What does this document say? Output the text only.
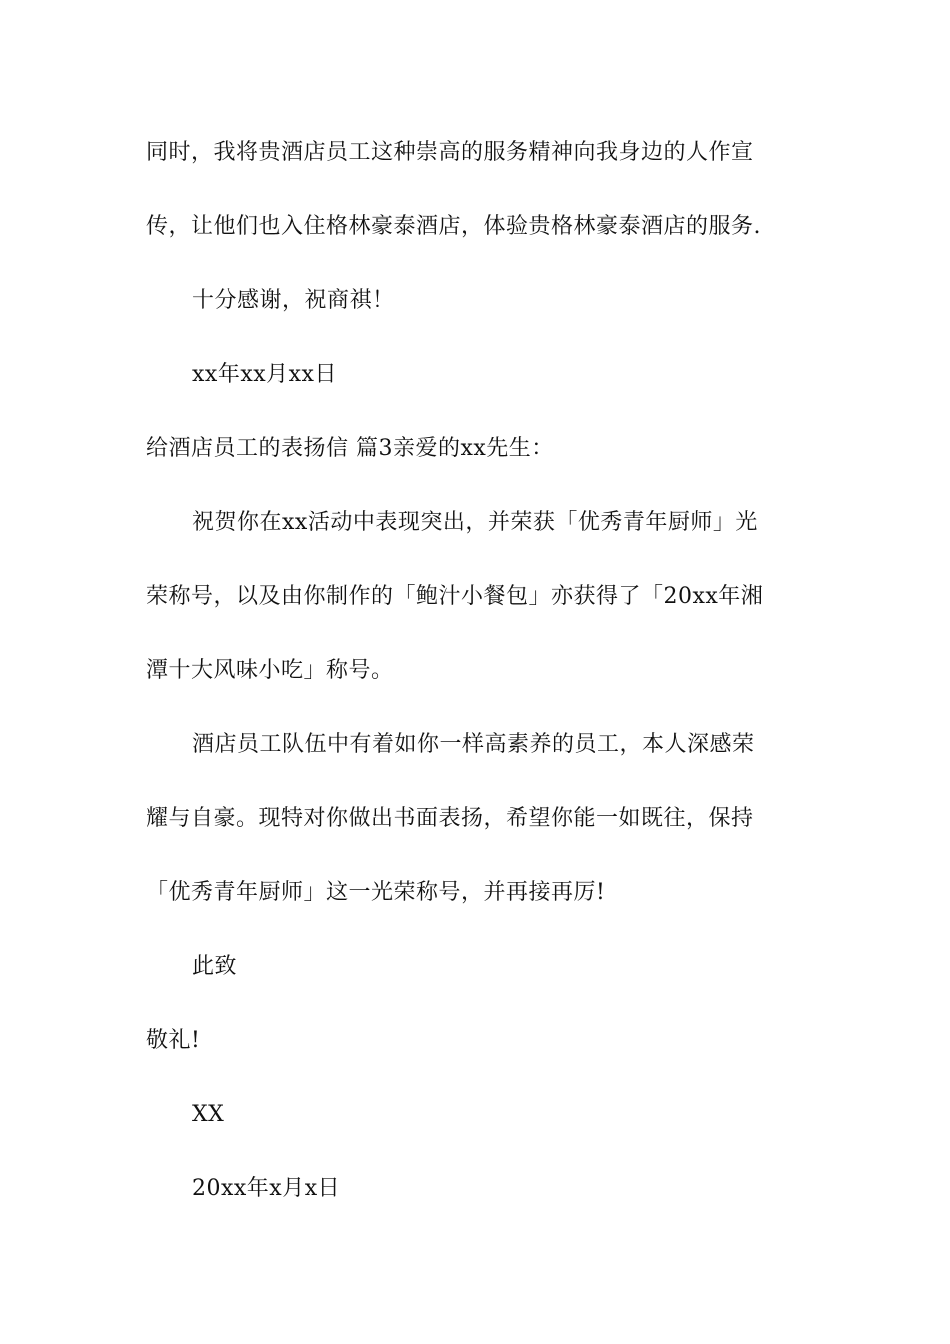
同时，我将贵酒店员工这种崇高的服务精神向我身边的人作宣
传，让他们也入住格林豪泰酒店，体验贵格林豪泰酒店的服务.
十分感谢，祝商祺！
xx年xx月xx日
给酒店员工的表扬信 篇3亲爱的xx先生：
祝贺你在xx活动中表现突出，并荣获「优秀青年厨师」光
荣称号，以及由你制作的「鲍汁小餐包」亦获得了「20xx年湘
潭十大风味小吃」称号。
酒店员工队伍中有着如你一样高素养的员工，本人深感荣
耀与自豪。现特对你做出书面表扬，希望你能一如既往，保持
「优秀青年厨师」这一光荣称号，并再接再厉!
此致
敬礼!
XX
20xx年x月x日
